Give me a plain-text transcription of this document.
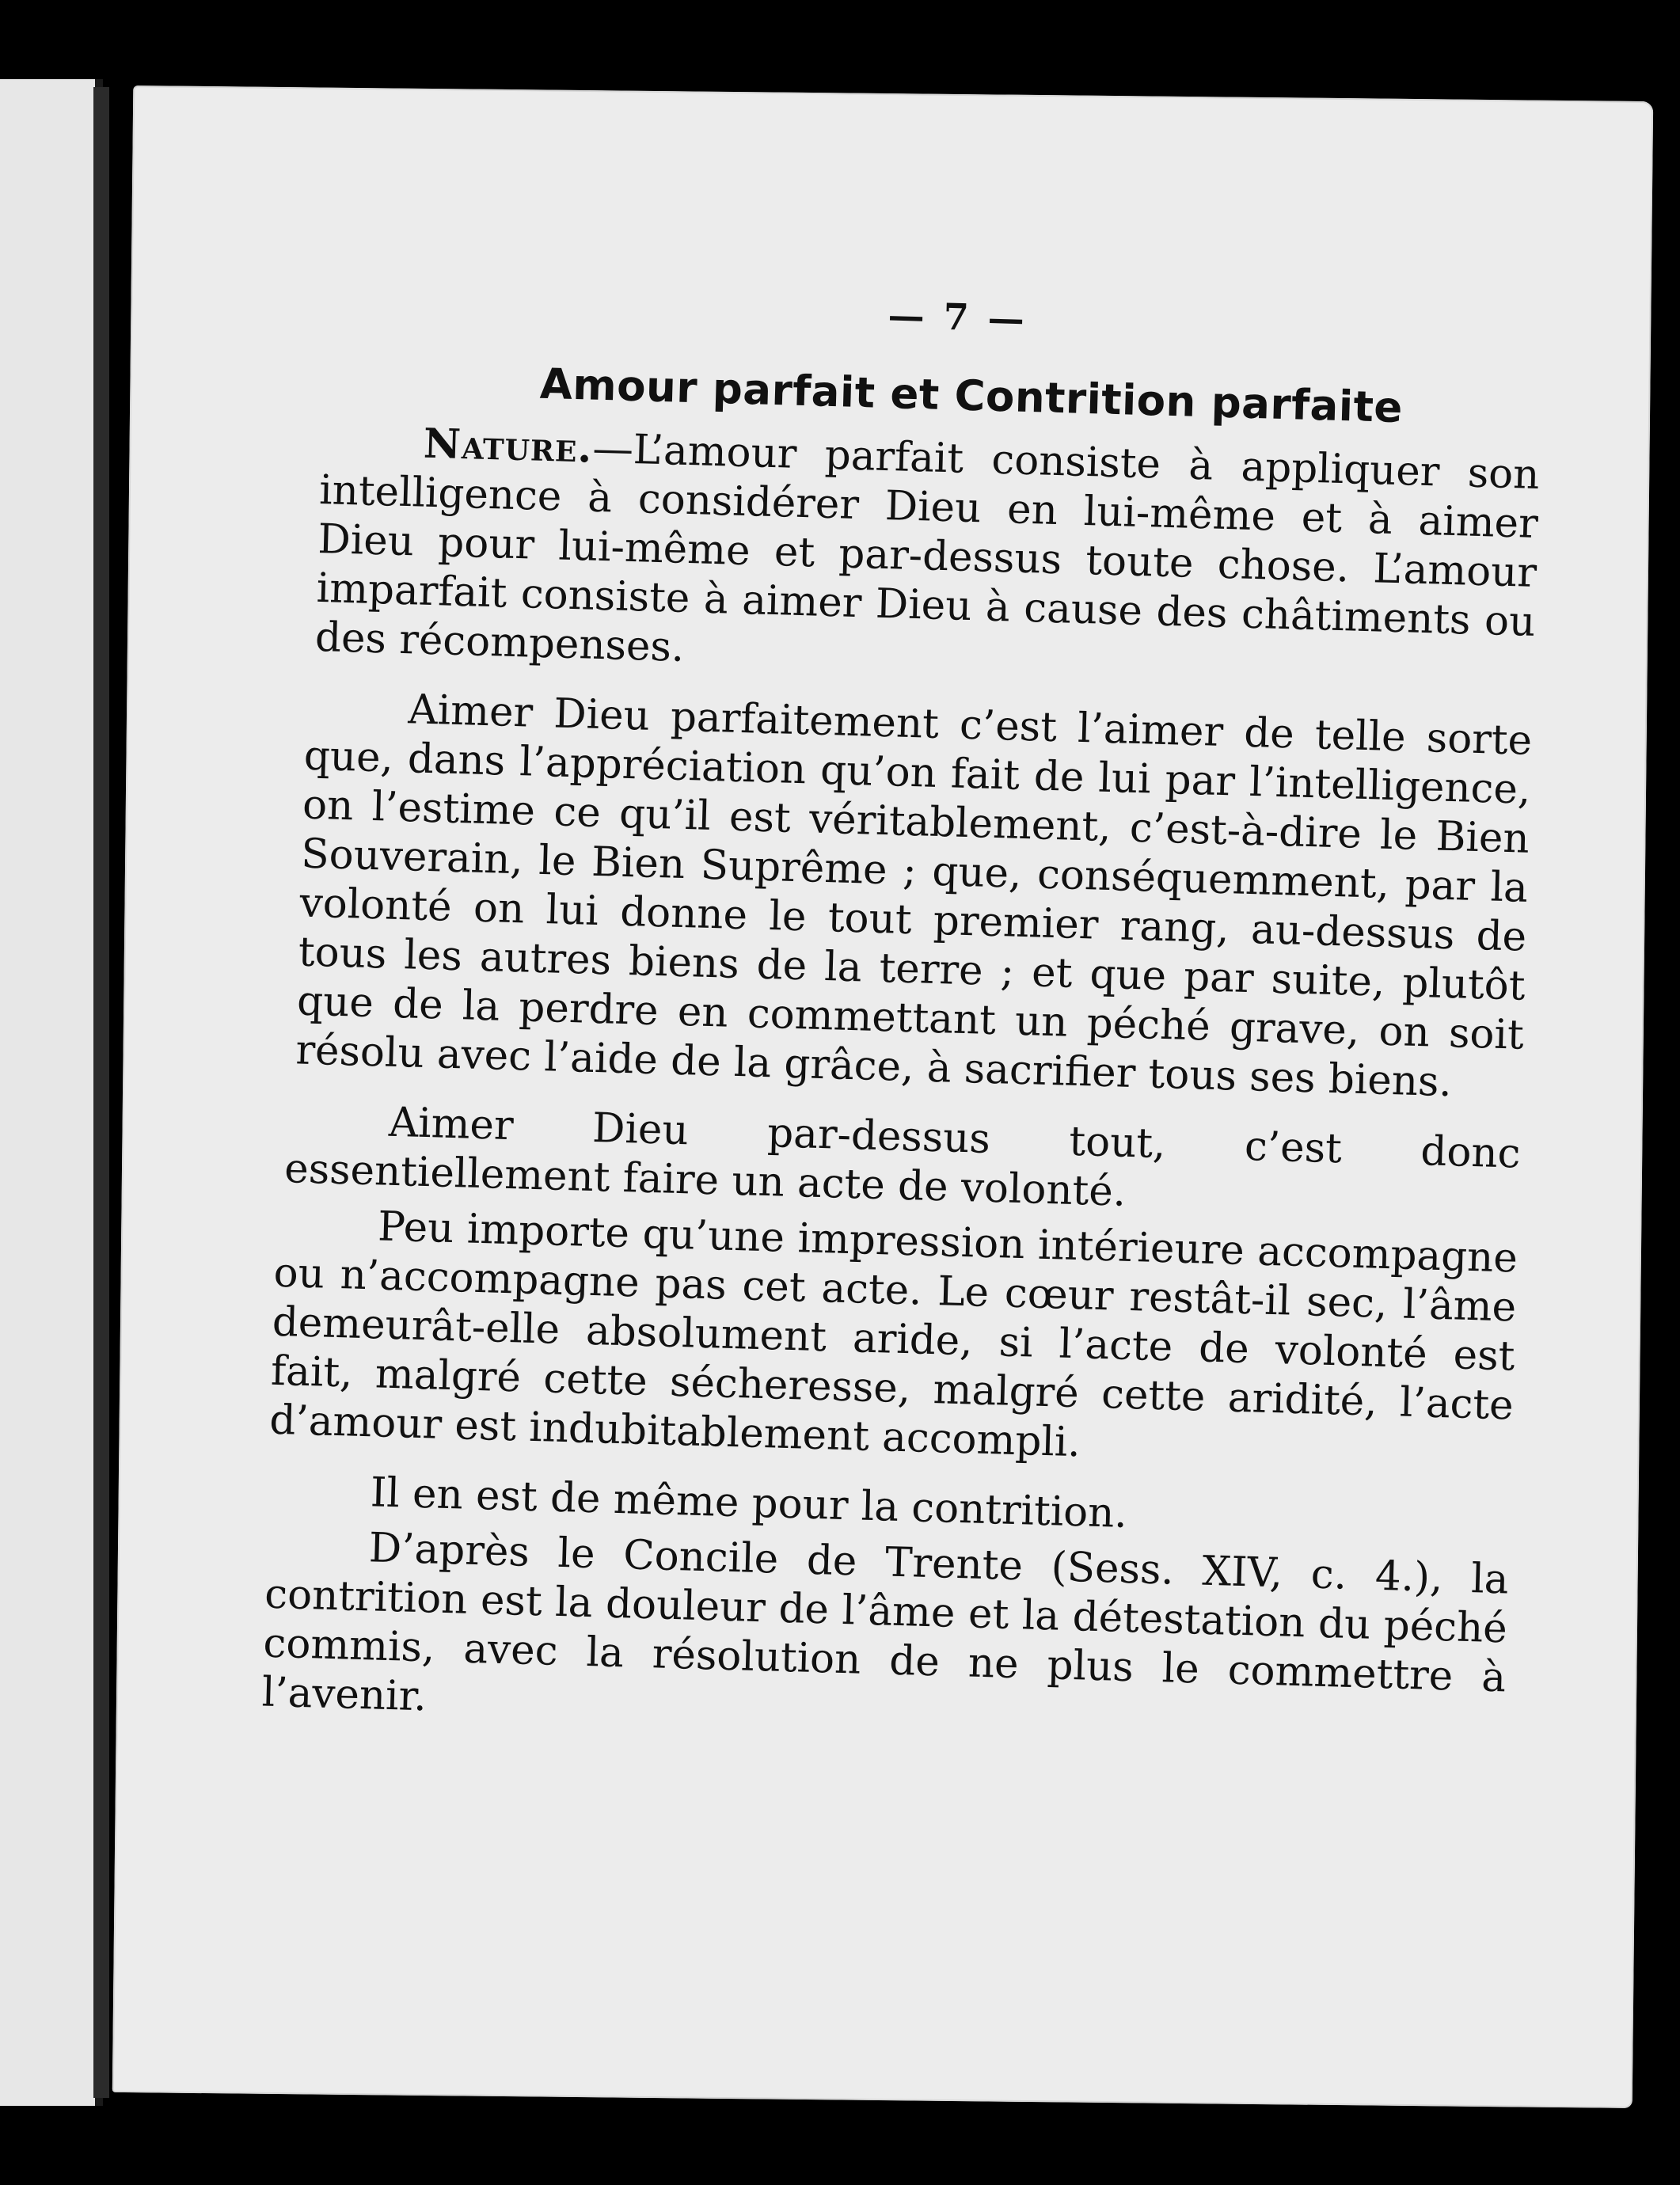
— 7 —
Amour parfait et Contrition parfaite

Nature.—L’amour parfait consiste à appliquer son intelligence à considérer Dieu en lui-même et à aimer Dieu pour lui-même et par-dessus toute chose. L’amour imparfait consiste à aimer Dieu à cause des châtiments ou des récompenses.

Aimer Dieu parfaitement c’est l’aimer de telle sorte que, dans l’appréciation qu’on fait de lui par l’intelligence, on l’estime ce qu’il est véritablement, c’est-à-dire le Bien Souverain, le Bien Suprême ; que, conséquemment, par la volonté on lui donne le tout premier rang, au-dessus de tous les autres biens de la terre ; et que par suite, plutôt que de la perdre en commettant un péché grave, on soit résolu avec l’aide de la grâce, à sacrifier tous ses biens.

Aimer Dieu par-dessus tout, c’est donc essentiellement faire un acte de volonté.

Peu importe qu’une impression intérieure accompagne ou n’accompagne pas cet acte. Le cœur restât-il sec, l’âme demeurât-elle absolument aride, si l’acte de volonté est fait, malgré cette sécheresse, malgré cette aridité, l’acte d’amour est indubitablement accompli.

Il en est de même pour la contrition.

D’après le Concile de Trente (Sess. XIV, c. 4.), la contrition est la douleur de l’âme et la détestation du péché commis, avec la résolution de ne plus le commettre à l’avenir.
